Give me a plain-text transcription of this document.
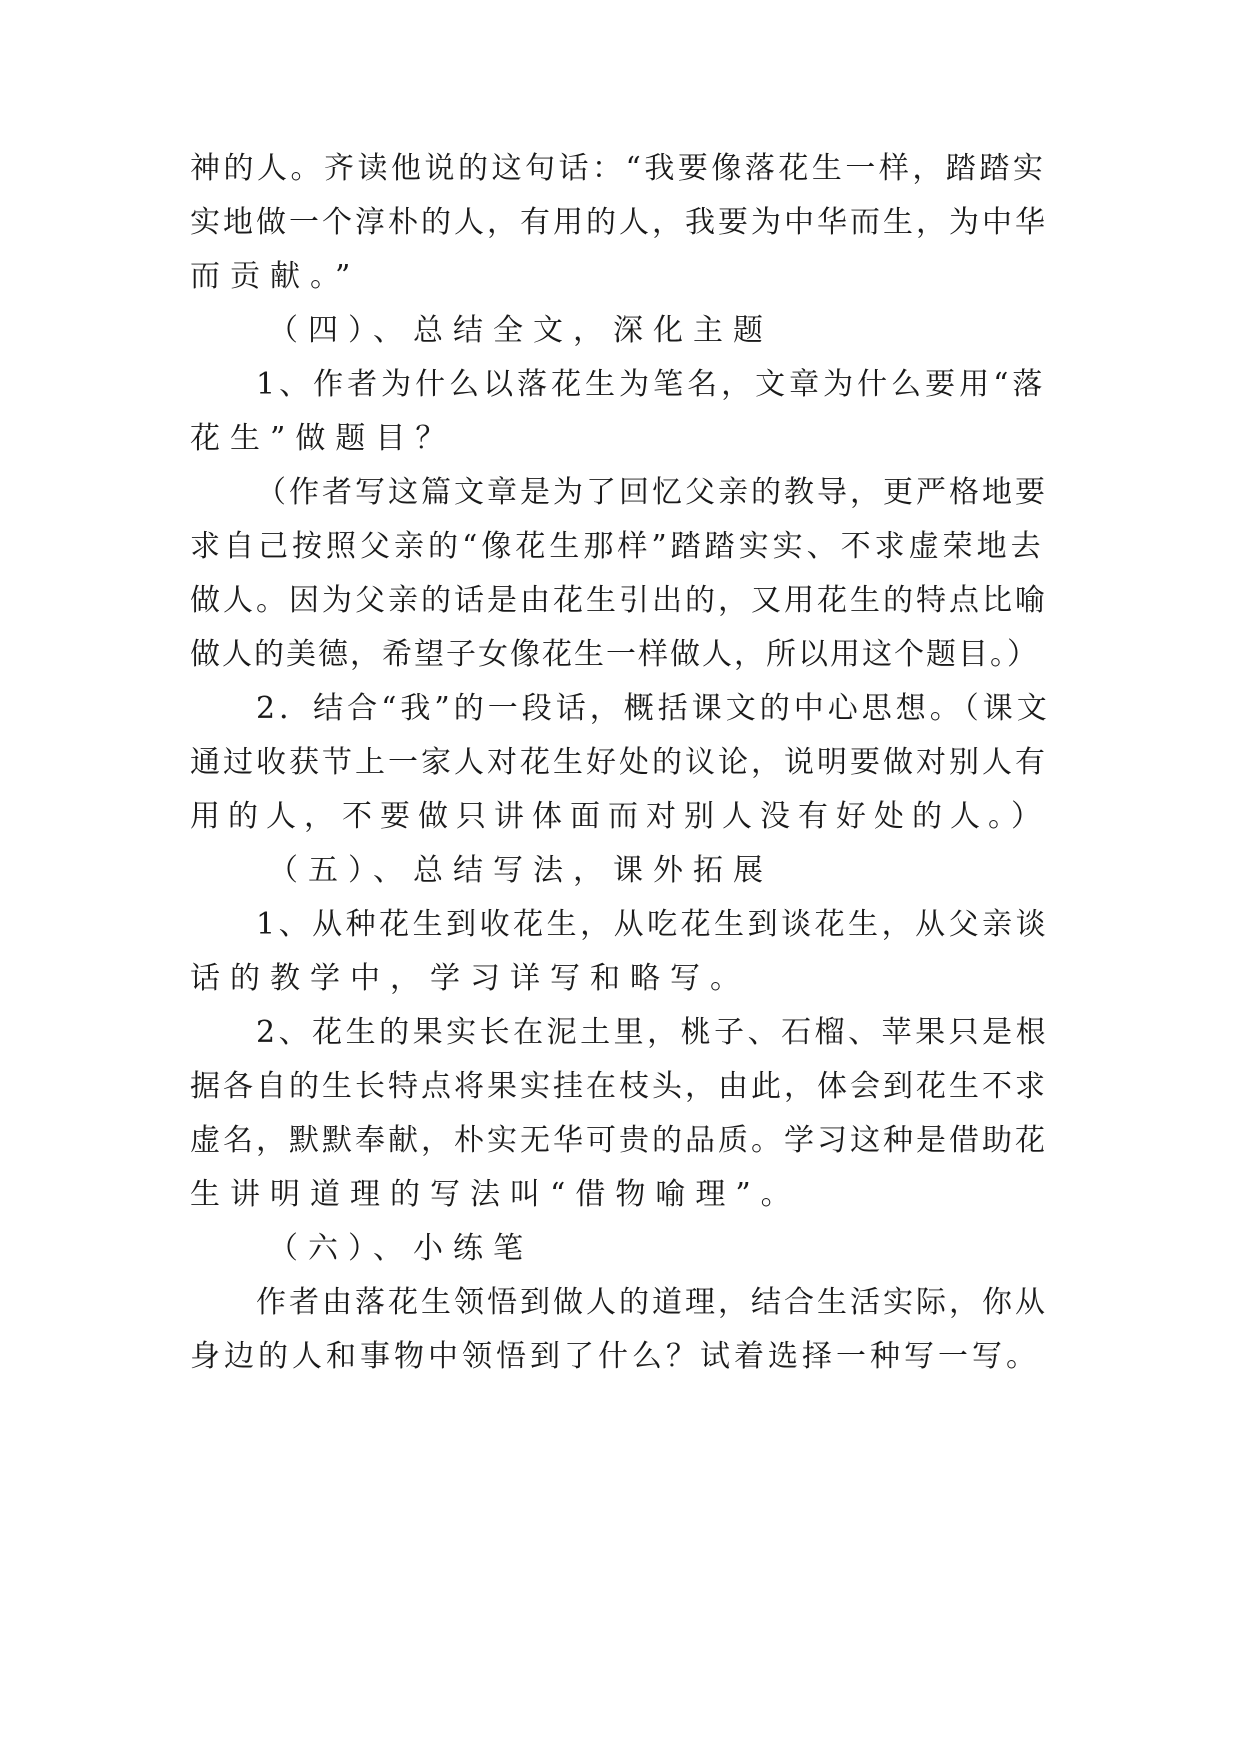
神的人。齐读他说的这句话：“我要像落花生一样，踏踏实

实地做一个淳朴的人，有用的人，我要为中华而生，为中华

而贡献。”

（四）、总结全文，深化主题

1、作者为什么以落花生为笔名，文章为什么要用“落

花生”做题目？

（作者写这篇文章是为了回忆父亲的教导，更严格地要

求自己按照父亲的“像花生那样”踏踏实实、不求虚荣地去

做人。因为父亲的话是由花生引出的，又用花生的特点比喻

做人的美德，希望子女像花生一样做人，所以用这个题目。）

2．结合“我”的一段话，概括课文的中心思想。（课文

通过收获节上一家人对花生好处的议论，说明要做对别人有

用的人，不要做只讲体面而对别人没有好处的人。）

（五）、总结写法，课外拓展

1、从种花生到收花生，从吃花生到谈花生，从父亲谈

话的教学中，学习详写和略写。

2、花生的果实长在泥土里，桃子、石榴、苹果只是根

据各自的生长特点将果实挂在枝头，由此，体会到花生不求

虚名，默默奉献，朴实无华可贵的品质。学习这种是借助花

生讲明道理的写法叫“借物喻理”。

（六）、小练笔

作者由落花生领悟到做人的道理，结合生活实际，你从

身边的人和事物中领悟到了什么？试着选择一种写一写。
